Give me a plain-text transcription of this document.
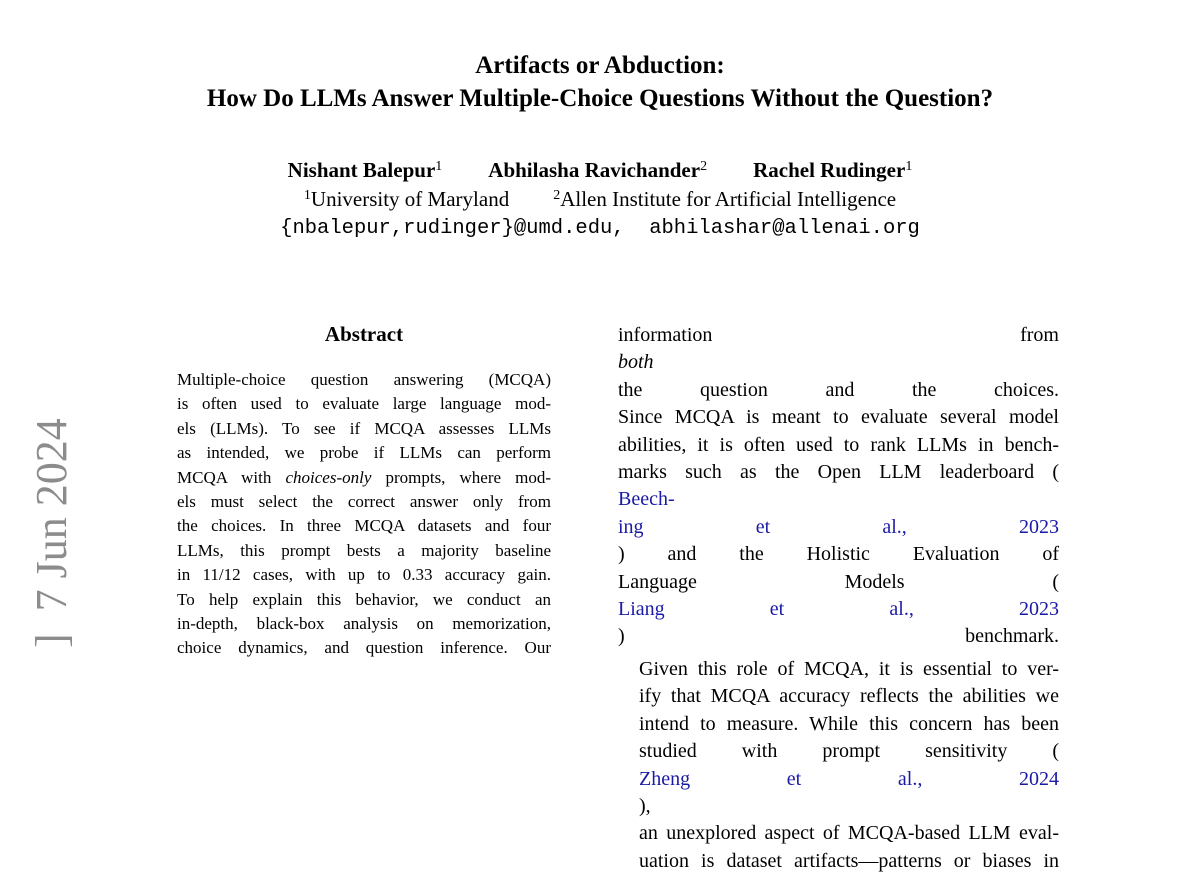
Artifacts or Abduction:
How Do LLMs Answer Multiple-Choice Questions Without the Question?
Nishant Balepur$^1$ Abhilasha Ravichander$^2$ Rachel Rudinger$^1$
$^1$University of Maryland	$^2$Allen Institute for Artificial Intelligence
{nbalepur,rudinger}@umd.edu,  abhilashar@allenai.org
]  7 Jun 2024
Abstract
Multiple-choice question answering (MCQA)
is often used to evaluate large language mod-
els (LLMs). To see if MCQA assesses LLMs
as intended, we probe if LLMs can perform
MCQA with choices-only prompts, where mod-
els must select the correct answer only from
the choices. In three MCQA datasets and four
LLMs, this prompt bests a majority baseline
in 11/12 cases, with up to 0.33 accuracy gain.
To help explain this behavior, we conduct an
in-depth, black-box analysis on memorization,
choice dynamics, and question inference. Our

information from
both
the question and the choices.
Since MCQA is meant to evaluate several model
abilities, it is often used to rank LLMs in bench-
marks such as the Open LLM leaderboard (
Beech-
ing et al., 2023
) and the Holistic Evaluation of
Language Models (
Liang et al., 2023
) benchmark.

Given this role of MCQA, it is essential to ver-
ify that MCQA accuracy reflects the abilities we
intend to measure. While this concern has been
studied with prompt sensitivity (
Zheng et al., 2024
),
an unexplored aspect of MCQA-based LLM eval-
uation is dataset artifacts—patterns or biases in
